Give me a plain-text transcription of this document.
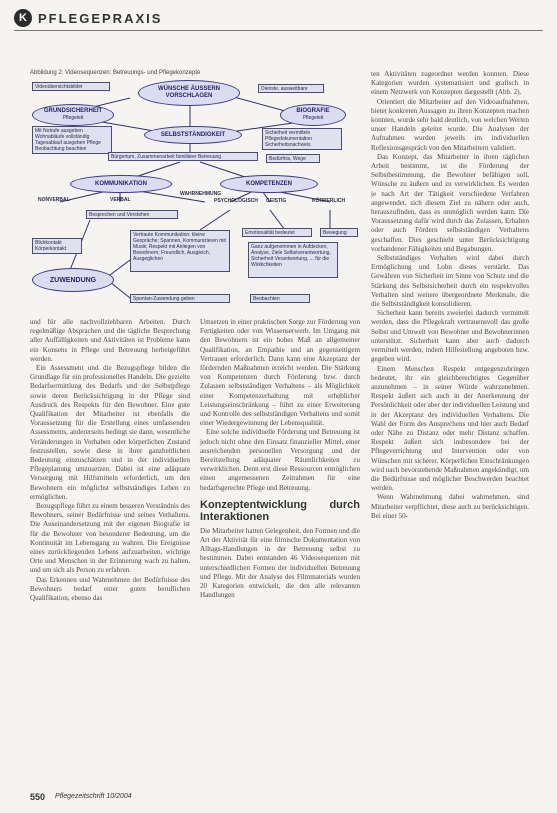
K PFLEGEPRAXIS
Abbildung 2: Videosequenzen: Betreuungs- und Pflegekonzepte
Videoübersichtsbilder	WÜNSCHE ÄUSSERN VORSCHLAGEN
Dienste, ausweitbare
GRUNDSICHERHEIT
Pflegeleit
BIOGRAFIE
Pflegeleit
Mit Notrufe ausgeben Wohnabläufe vollständig Tagesablauf ausgeben Pflege Beobachtung beachten
SELBSTSTÄNDIGKEIT	Sicherheit vermitteln Pflegedokumentation Sicherheitsnachweis
Bürgertum, Zusammenarbeit familiärer Betreuung	Bedürfnis, Wege
KOMMUNIKATION	KOMPETENZEN
NONVERBAL	VERBAL
WAHRNEHMUNG
PSYCHOLOGISCH GEISTIG	KÖRPERLICH
Besprechen und Verstehen
Blickkontakt Körperkontakt
Vertraute Kommunikation: kleine Gespräche; Spannen, Kommunizieren mit Musik; Respekt mit Anliegen von Bewohnern; Freundlich, Ausgleich, Ausgeglichen
Emotionalität bedeutet	Bewegung
Ganz aufgenommen in Aufdecken, Analyse, Ziele Selbstverantwortung, Sicherheit Verantwortung, ... für die Wirklichkeiten
ZUWENDUNG
Spontan-Zuwendung geben	Beobachten

und für alle nachvollziehbaren Arbeiten. Durch regelmäßige Absprachen und die tägliche Besprechung aller Auffälligkeiten und Aktivitäten ist Probleme kann ein Konsens in Pflege und Betreuung herbeigeführt werden.

Ein Assessment und die Bezugspflege bilden die Grundlage für ein professionelles Handeln. Die gezielte Bedarfsermittlung des Bedarfs und der Selbstpflege sowie deren Berücksichtigung in der Pflege sind Ausdruck des Respekts für den Bewohner. Eine gute Qualifikation der Mitarbeiter ist ebenfalls die Voraussetzung für die Erstellung eines umfassenden Assessments, andererseits bedingt sie dann, wesentliche Veränderungen in Vorhaben oder körperlichen Zustand festzustellen, sowie diese in ihrer ganzheitlichen Bedeutung einzuschätzen und in der individuellen Pflegeplanung umzusetzen. Dabei ist eine adäquate Versorgung mit Hilfsmitteln erforderlich, um den Bewohnern ein möglichst selbstständiges Leben zu ermöglichen.

Bezugspflege führt zu einem besseren Verständnis des Bewohners, seiner Bedürfnisse und seines Verhaltens. Die Auseinandersetzung mit der eigenen Biografie ist für die Bewohner von besonderer Bedeutung, um die Kontinuität im Lebensgang zu wahren. Die Ereignisse eines zurückliegenden Lebens aufzuarbeiten, wichtige Orte und Menschen in der Erinnerung wach zu halten, und um sich als Person zu erfahren.

Das Erkennen und Wahrnehmen der Bedürfnisse des Bewohners bedarf einer guten beruflichen Qualifikation, ebenso das

Umsetzen in einer praktischen Sorge zur Förderung von Fertigkeiten oder von Wissenserwerb. Im Umgang mit den Bewohnern ist ein hohes Maß an allgemeiner Qualifikation, an Empathie und an gegenseitigem Vertrauen erforderlich. Dann kann eine Akzeptanz der fördernden Maßnahmen erreicht werden. Die Stärkung von Kompetenzen durch Förderung bzw. durch Zulassen selbstständigen Verhaltens – als Möglichkeit einer Kompetenzerhaltung mit erheblicher Leistungseinschränkung – führt zu einer Erweiterung und Kontrolle des selbstständigen Verhaltens und somit einer Wiedergewinnung der Lebensqualität.

Eine solche individuelle Förderung und Betreuung ist jedoch nicht ohne den Einsatz finanzieller Mittel, einer ausreichenden personellen Versorgung und der Bereitstellung adäquater Räumlichkeiten zu verwirklichen. Denn erst diese Ressourcen ermöglichen einen angemessenen Zeitrahmen für eine bedarfsgerechte Pflege und Betreuung.

Konzeptentwicklung durch Interaktionen

Die Mitarbeiter hatten Gelegenheit, den Formen und die Art der Aktivität für eine filmische Dokumentation von Alltags-Handlungen in der Betreuung selbst zu bestimmen. Dabei entstanden 46 Videosequenzen mit unterschiedlichen Formen der individuellen Betreuung und Pflege. Mit der Analyse des Filmmaterials wurden 20 Kategorien entwickelt, die den alle relevanten Handlungen

ten Aktivitäten zugeordnet werden konnten. Diese Kategorien wurden systematisiert und grafisch in einem Netzwerk von Konzepten dargestellt (Abb. 2).

Orientiert die Mitarbeiter auf den Videoaufnahmen, bietet konkreten Aussagen zu ihren Konzepten machen konnten, wurde sehr bald deutlich, von welchen Werten unser Handeln geleitet wurde. Die Analysen der Aufnahmen wurden jeweils im individuellen Reflexionsgespräch von den Mitarbeitern validiert.

Das Konzept, das Mitarbeiter in ihren täglichen Arbeit bestimmt, ist die Förderung der Selbstbestimmung, die Bewohner befähigen soll, Wünsche zu äußern und zu verwirklichen. Es werden je nach Art der Tätigkeit verschiedene Verfahren angewendet, sich diesem Ziel zu nähern oder auch, herauszufinden, dass es unmöglich werden kann. Die Voraussetzung dafür wird durch das Zulassen, Erhalten oder auch Fördern selbstständigen Verhaltens geschaffen. Dies geschieht unter Berücksichtigung vorhandener Fähigkeiten und Begabungen.

Selbstständiges Verhalten wird dabei durch Ermöglichung und Lohn dieses verstärkt. Das Gewähren von Sicherheit im Sinne von Schutz und die Stärkung des Selbstsicherheit durch ein respektvolles Verhalten sind weitere übergeordnete Merkmale, die die Selbstständigkeit konsolidieren.

Sicherheit kann bereits zweierlei dadurch vermittelt werden, dass die Pflegekraft vertrauensvoll das große Selbst und Umwelt von Bewohner und Bewohnerinnen unterstützt. Sicherheit kann aber auch dadurch vermittelt werden, indem Hilfestellung angeboten bzw. gegeben wird.

Einem Menschen Respekt entgegenzubringen bedeutet, ihr ein gleichberechtigtes Gegenüber anzunehmen – in seiner Würde wahrzunehmen. Respekt äußert sich auch in der Anerkennung der Persönlichkeit oder aber der individuellen Leistung und in der Akzeptanz des individuellen Verhaltens. Die Wahl der Form des Ansprechens und hier auch Bedarf oder Nähe zu Distanz oder mehr Distanz schaffen. Respekt äußert sich insbesondere bei der Pflegeverrichtung und Intervention oder von Wünschen mit sicherer. Körperlichen Einschränkungen wird nach bevorstehende Maßnahmen angekündigt, um die Bedürfnisse und möglicher Beschwerden beachtet werden.

Wenn Wahrnehmung dabei wahrnehmen, sind Mitarbeiter verpflichtet, diese auch zu berücksichtigen. Bei einer 50-

550 Pflegezeitschrift 10/2004
